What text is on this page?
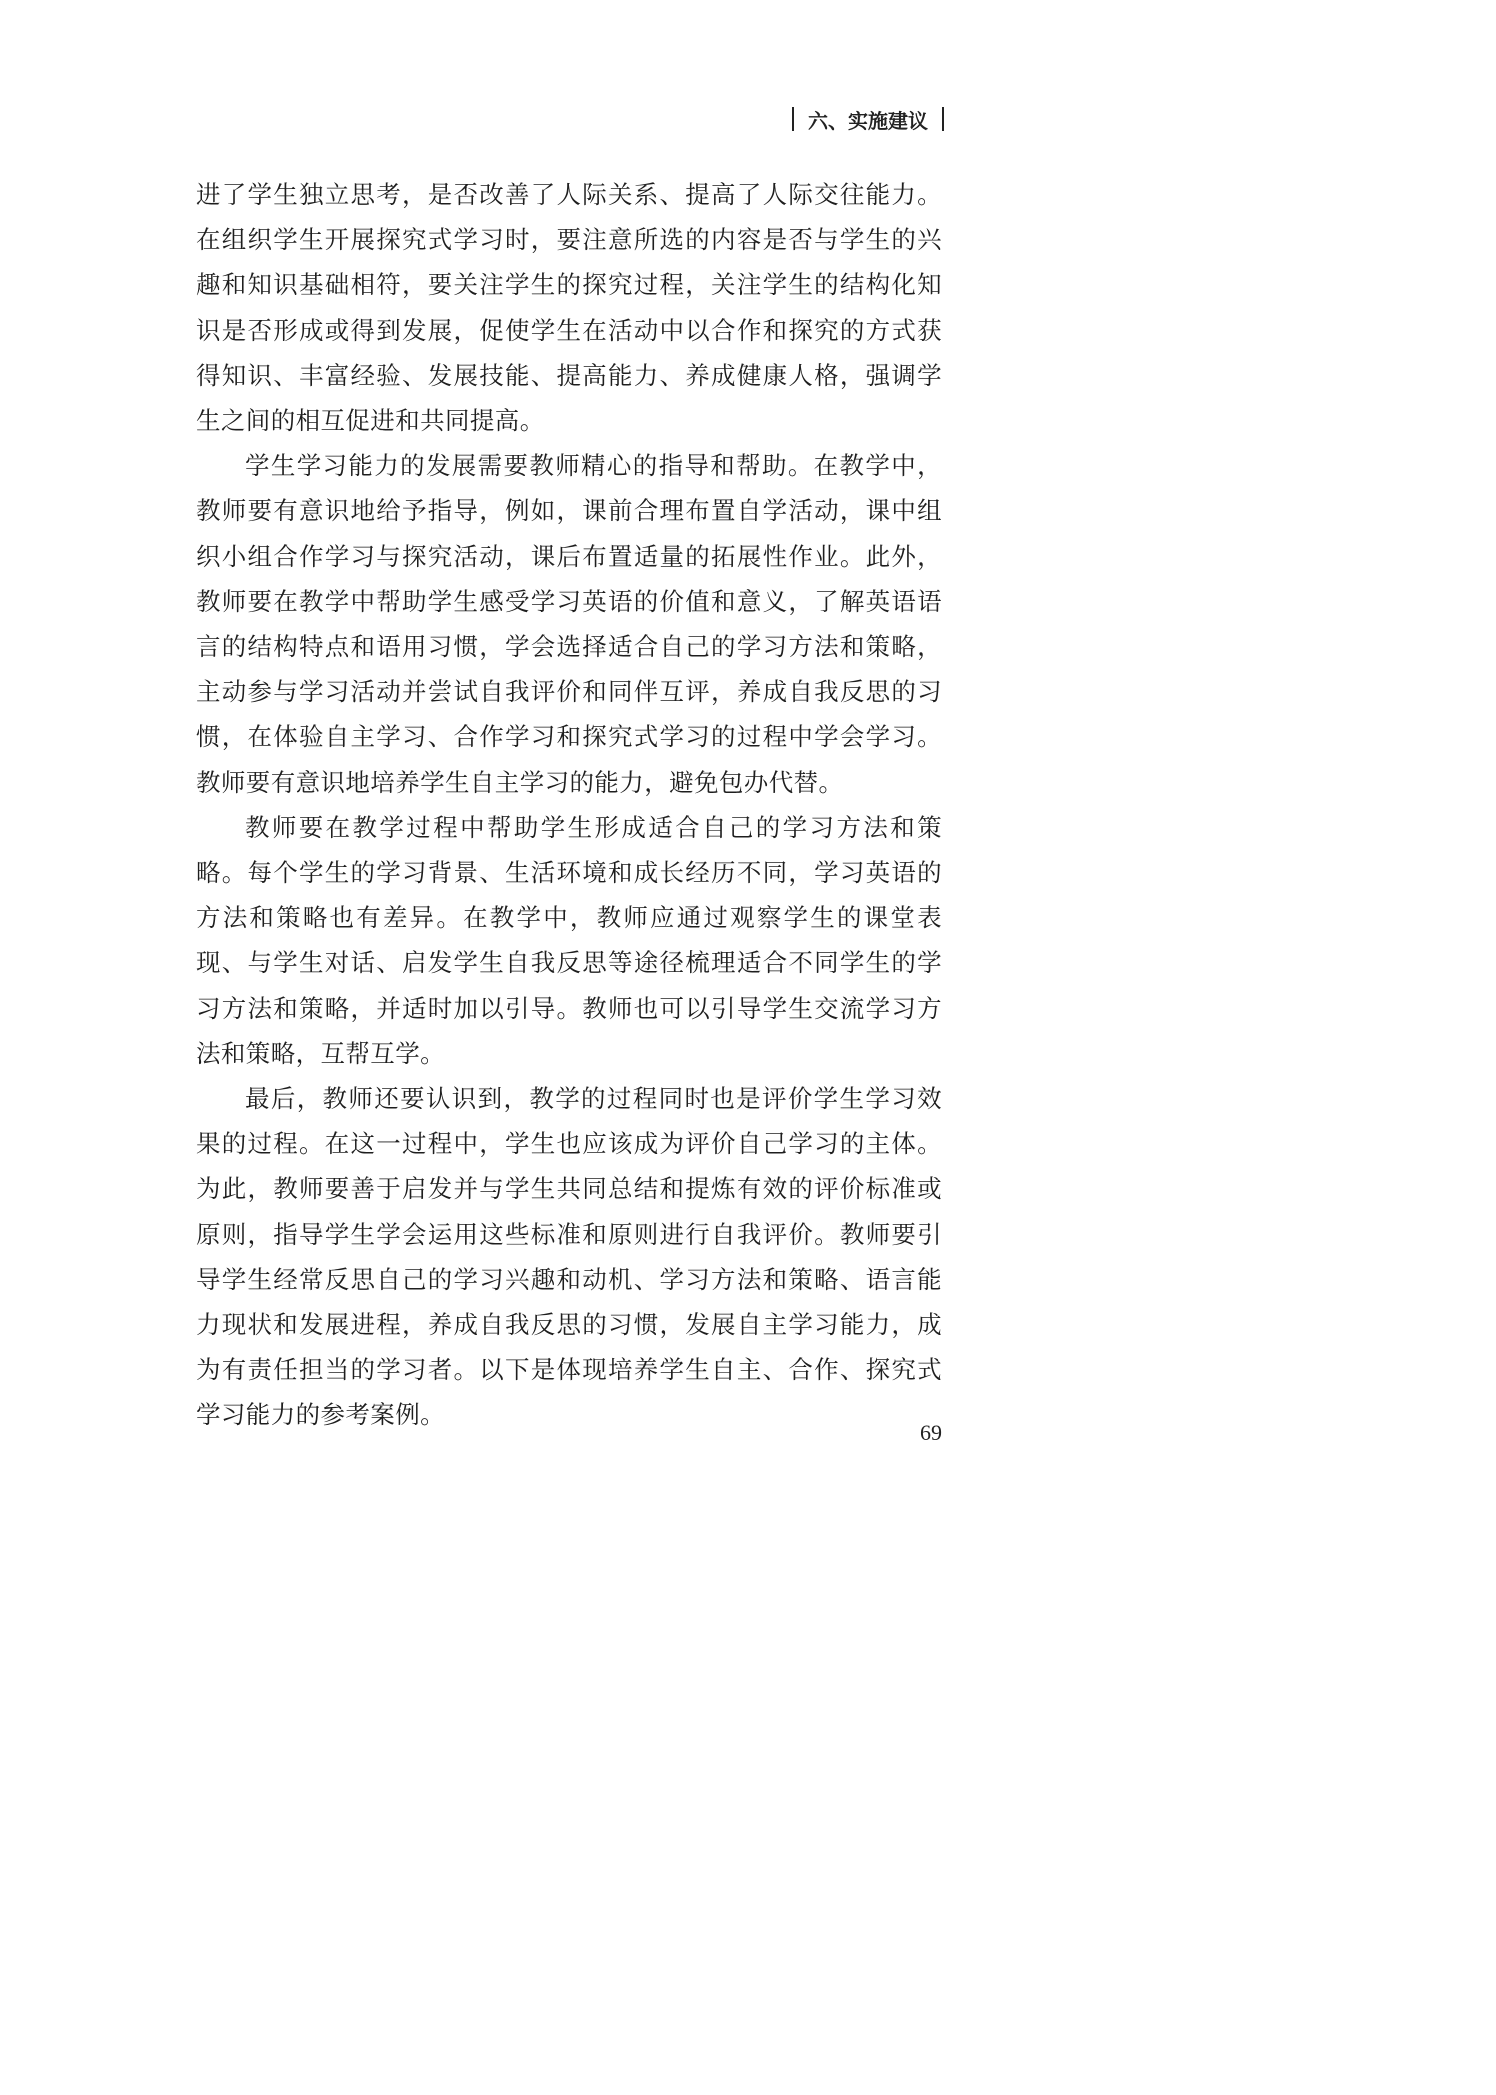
六、实施建议

进了学生独立思考，是否改善了人际关系、提高了人际交往能力。在组织学生开展探究式学习时，要注意所选的内容是否与学生的兴趣和知识基础相符，要关注学生的探究过程，关注学生的结构化知识是否形成或得到发展，促使学生在活动中以合作和探究的方式获得知识、丰富经验、发展技能、提高能力、养成健康人格，强调学生之间的相互促进和共同提高。

学生学习能力的发展需要教师精心的指导和帮助。在教学中，教师要有意识地给予指导，例如，课前合理布置自学活动，课中组织小组合作学习与探究活动，课后布置适量的拓展性作业。此外，教师要在教学中帮助学生感受学习英语的价值和意义，了解英语语言的结构特点和语用习惯，学会选择适合自己的学习方法和策略，主动参与学习活动并尝试自我评价和同伴互评，养成自我反思的习惯，在体验自主学习、合作学习和探究式学习的过程中学会学习。教师要有意识地培养学生自主学习的能力，避免包办代替。

教师要在教学过程中帮助学生形成适合自己的学习方法和策略。每个学生的学习背景、生活环境和成长经历不同，学习英语的方法和策略也有差异。在教学中，教师应通过观察学生的课堂表现、与学生对话、启发学生自我反思等途径梳理适合不同学生的学习方法和策略，并适时加以引导。教师也可以引导学生交流学习方法和策略，互帮互学。

最后，教师还要认识到，教学的过程同时也是评价学生学习效果的过程。在这一过程中，学生也应该成为评价自己学习的主体。为此，教师要善于启发并与学生共同总结和提炼有效的评价标准或原则，指导学生学会运用这些标准和原则进行自我评价。教师要引导学生经常反思自己的学习兴趣和动机、学习方法和策略、语言能力现状和发展进程，养成自我反思的习惯，发展自主学习能力，成为有责任担当的学习者。以下是体现培养学生自主、合作、探究式学习能力的参考案例。

69
